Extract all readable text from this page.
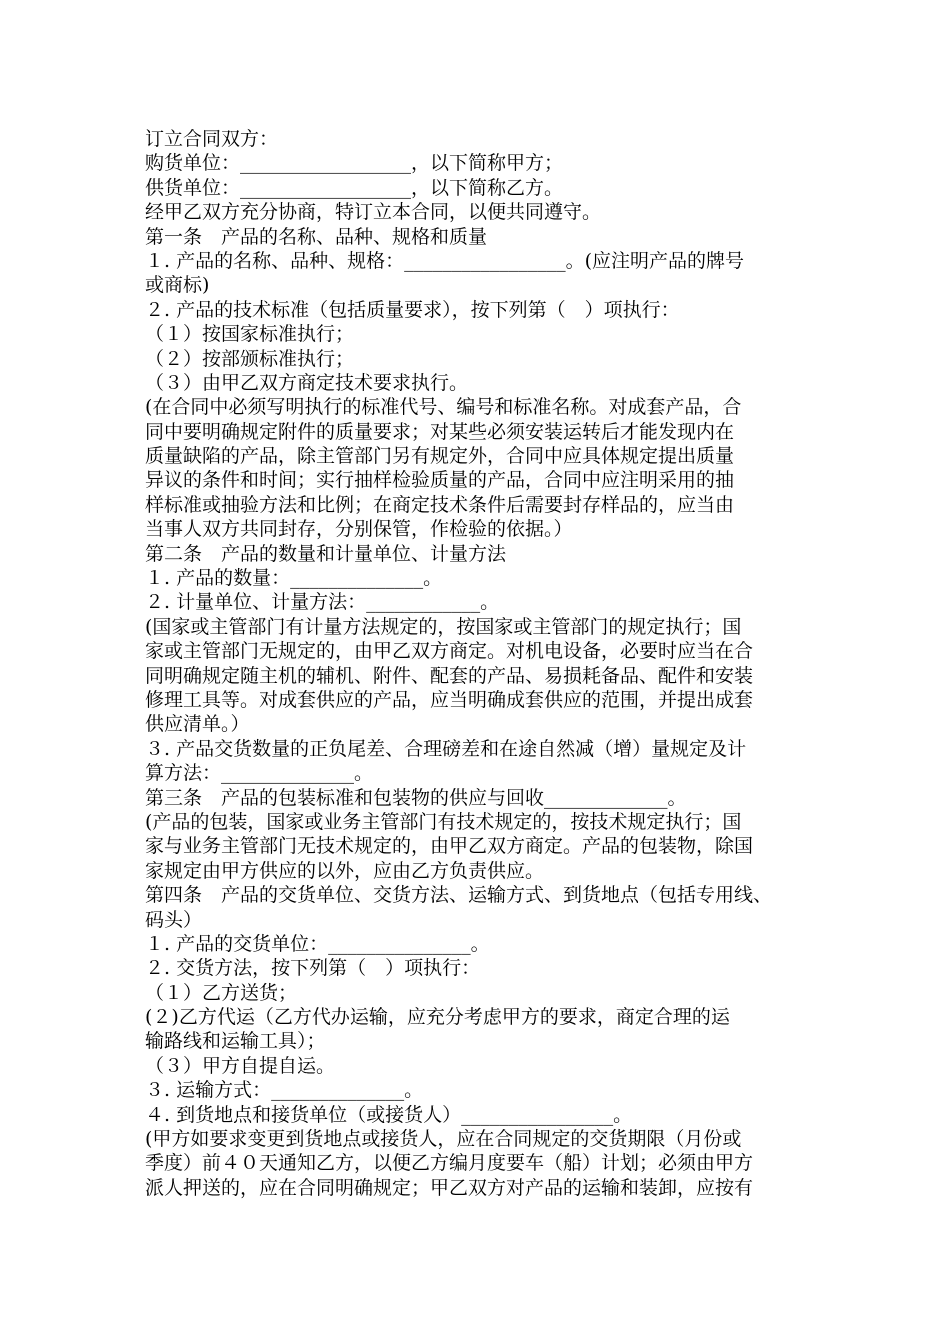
订立合同双方：
购货单位：__________________，以下简称甲方；
供货单位：__________________，以下简称乙方。
经甲乙双方充分协商，特订立本合同，以便共同遵守。
第一条　产品的名称、品种、规格和质量
１. 产品的名称、品种、规格：_________________。(应注明产品的牌号
或商标)
２. 产品的技术标准（包括质量要求），按下列第（　）项执行：
（１）按国家标准执行；
（２）按部颁标准执行；
（３）由甲乙双方商定技术要求执行。
(在合同中必须写明执行的标准代号、编号和标准名称。对成套产品，合
同中要明确规定附件的质量要求；对某些必须安装运转后才能发现内在
质量缺陷的产品，除主管部门另有规定外，合同中应具体规定提出质量
异议的条件和时间；实行抽样检验质量的产品，合同中应注明采用的抽
样标准或抽验方法和比例；在商定技术条件后需要封存样品的，应当由
当事人双方共同封存，分别保管，作检验的依据。）
第二条　产品的数量和计量单位、计量方法
１. 产品的数量：______________。
２. 计量单位、计量方法：____________。
(国家或主管部门有计量方法规定的，按国家或主管部门的规定执行；国
家或主管部门无规定的，由甲乙双方商定。对机电设备，必要时应当在合
同明确规定随主机的辅机、附件、配套的产品、易损耗备品、配件和安装
修理工具等。对成套供应的产品，应当明确成套供应的范围，并提出成套
供应清单。）
３. 产品交货数量的正负尾差、合理磅差和在途自然减（增）量规定及计
算方法：______________。
第三条　产品的包装标准和包装物的供应与回收_____________。
(产品的包装，国家或业务主管部门有技术规定的，按技术规定执行；国
家与业务主管部门无技术规定的，由甲乙双方商定。产品的包装物，除国
家规定由甲方供应的以外，应由乙方负责供应。
第四条　产品的交货单位、交货方法、运输方式、到货地点（包括专用线、
码头）
１. 产品的交货单位：_______________。
２. 交货方法，按下列第（　）项执行：
（１）乙方送货；
(２)乙方代运（乙方代办运输，应充分考虑甲方的要求，商定合理的运
输路线和运输工具）；
（３）甲方自提自运。
３. 运输方式：______________。
４. 到货地点和接货单位（或接货人）________________。
(甲方如要求变更到货地点或接货人，应在合同规定的交货期限（月份或
季度）前４０天通知乙方，以便乙方编月度要车（船）计划；必须由甲方
派人押送的，应在合同明确规定；甲乙双方对产品的运输和装卸，应按有
